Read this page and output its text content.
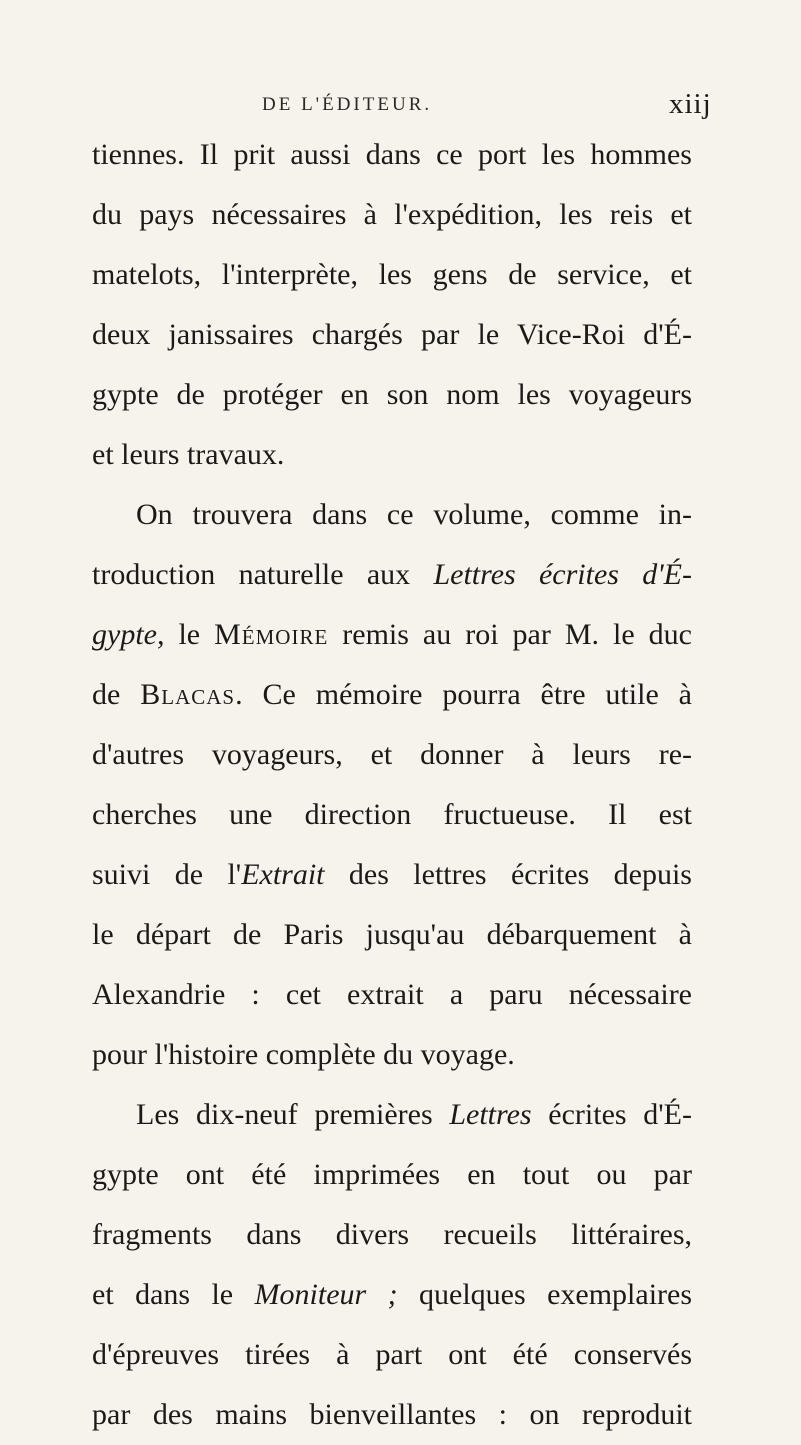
DE L'ÉDITEUR.	xiij
tiennes. Il prit aussi dans ce port les hommes
du pays nécessaires à l'expédition, les reis et
matelots, l'interprète, les gens de service, et
deux janissaires chargés par le Vice-Roi d'É-
gypte de protéger en son nom les voyageurs
et leurs travaux.
On trouvera dans ce volume, comme in-
troduction naturelle aux Lettres écrites d'É-
gypte, le Mémoire remis au roi par M. le duc
de Blacas. Ce mémoire pourra être utile à
d'autres voyageurs, et donner à leurs re-
cherches une direction fructueuse. Il est
suivi de l'Extrait des lettres écrites depuis
le départ de Paris jusqu'au débarquement à
Alexandrie : cet extrait a paru nécessaire
pour l'histoire complète du voyage.
Les dix-neuf premières Lettres écrites d'É-
gypte ont été imprimées en tout ou par
fragments dans divers recueils littéraires,
et dans le Moniteur ; quelques exemplaires
d'épreuves tirées à part ont été conservés
par des mains bienveillantes : on reproduit
